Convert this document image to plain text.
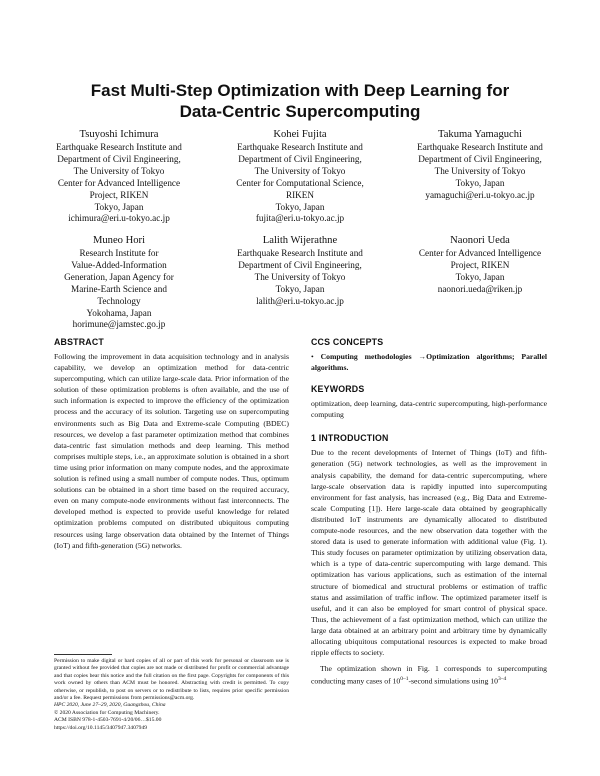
Fast Multi-Step Optimization with Deep Learning for
Data-Centric Supercomputing
Tsuyoshi Ichimura
Earthquake Research Institute and
Department of Civil Engineering,
The University of Tokyo
Center for Advanced Intelligence
Project, RIKEN
Tokyo, Japan
ichimura@eri.u-tokyo.ac.jp
Kohei Fujita
Earthquake Research Institute and
Department of Civil Engineering,
The University of Tokyo
Center for Computational Science,
RIKEN
Tokyo, Japan
fujita@eri.u-tokyo.ac.jp
Takuma Yamaguchi
Earthquake Research Institute and
Department of Civil Engineering,
The University of Tokyo
Tokyo, Japan
yamaguchi@eri.u-tokyo.ac.jp
Muneo Hori
Research Institute for
Value-Added-Information
Generation, Japan Agency for
Marine-Earth Science and
Technology
Yokohama, Japan
horimune@jamstec.go.jp
Lalith Wijerathne
Earthquake Research Institute and
Department of Civil Engineering,
The University of Tokyo
Tokyo, Japan
lalith@eri.u-tokyo.ac.jp
Naonori Ueda
Center for Advanced Intelligence
Project, RIKEN
Tokyo, Japan
naonori.ueda@riken.jp
ABSTRACT

Following the improvement in data acquisition technology and in analysis capability, we develop an optimization method for data-centric supercomputing, which can utilize large-scale data. Prior information of the solution of these optimization problems is often available, and the use of such information is expected to improve the efficiency of the optimization process and the accuracy of its solution. Targeting use on supercomputing environments such as Big Data and Extreme-scale Computing (BDEC) resources, we develop a fast parameter optimization method that combines data-centric fast simulation methods and deep learning. This method comprises multiple steps, i.e., an approximate solution is obtained in a short time using prior information on many compute nodes, and the approximate solution is refined using a small number of compute nodes. Thus, optimum solutions can be obtained in a short time based on the required accuracy, even on many compute-node environments without fast interconnects. The developed method is expected to provide useful knowledge for related optimization problems computed on distributed ubiquitous computing resources using large observation data obtained by the Internet of Things (IoT) and fifth-generation (5G) networks.

CCS CONCEPTS

• Computing methodologies →Optimization algorithms; Parallel algorithms.

KEYWORDS

optimization, deep learning, data-centric supercomputing, high-performance computing

1 INTRODUCTION

Due to the recent developments of Internet of Things (IoT) and fifth-generation (5G) network technologies, as well as the improvement in analysis capability, the demand for data-centric supercomputing, where large-scale observation data is rapidly inputted into supercomputing environment for fast analysis, has increased (e.g., Big Data and Extreme-scale Computing [1]). Here large-scale data obtained by geographically distributed IoT instruments are dynamically allocated to distributed compute-node resources, and the new observation data together with the stored data is used to generate information with additional value (Fig. 1). This study focuses on parameter optimization by utilizing observation data, which is a type of data-centric supercomputing with large demand. This optimization has various applications, such as estimation of the internal structure of biomedical and structural problems or estimation of traffic status and assimilation of traffic inflow. The optimized parameter itself is useful, and it can also be employed for smart control of physical space. Thus, the achievement of a fast optimization method, which can utilize the large data obtained at an arbitrary point and arbitrary time by dynamically allocating ubiquitous computational resources is expected to make broad ripple effects to society.

The optimization shown in Fig. 1 corresponds to supercomputing conducting many cases of 10$^{0-1}$-second simulations using 10$^{3-4}$

Permission to make digital or hard copies of all or part of this work for personal or classroom use is granted without fee provided that copies are not made or distributed for profit or commercial advantage and that copies bear this notice and the full citation on the first page. Copyrights for components of this work owned by others than ACM must be honored. Abstracting with credit is permitted. To copy otherwise, or republish, to post on servers or to redistribute to lists, requires prior specific permission and/or a fee. Request permissions from permissions@acm.org.
HPC 2020, June 27–29, 2020, Guangzhou, China
© 2020 Association for Computing Machinery.
ACM ISBN 978-1-4503-7691-4/20/06…$15.00
https://doi.org/10.1145/3407947.3407949
